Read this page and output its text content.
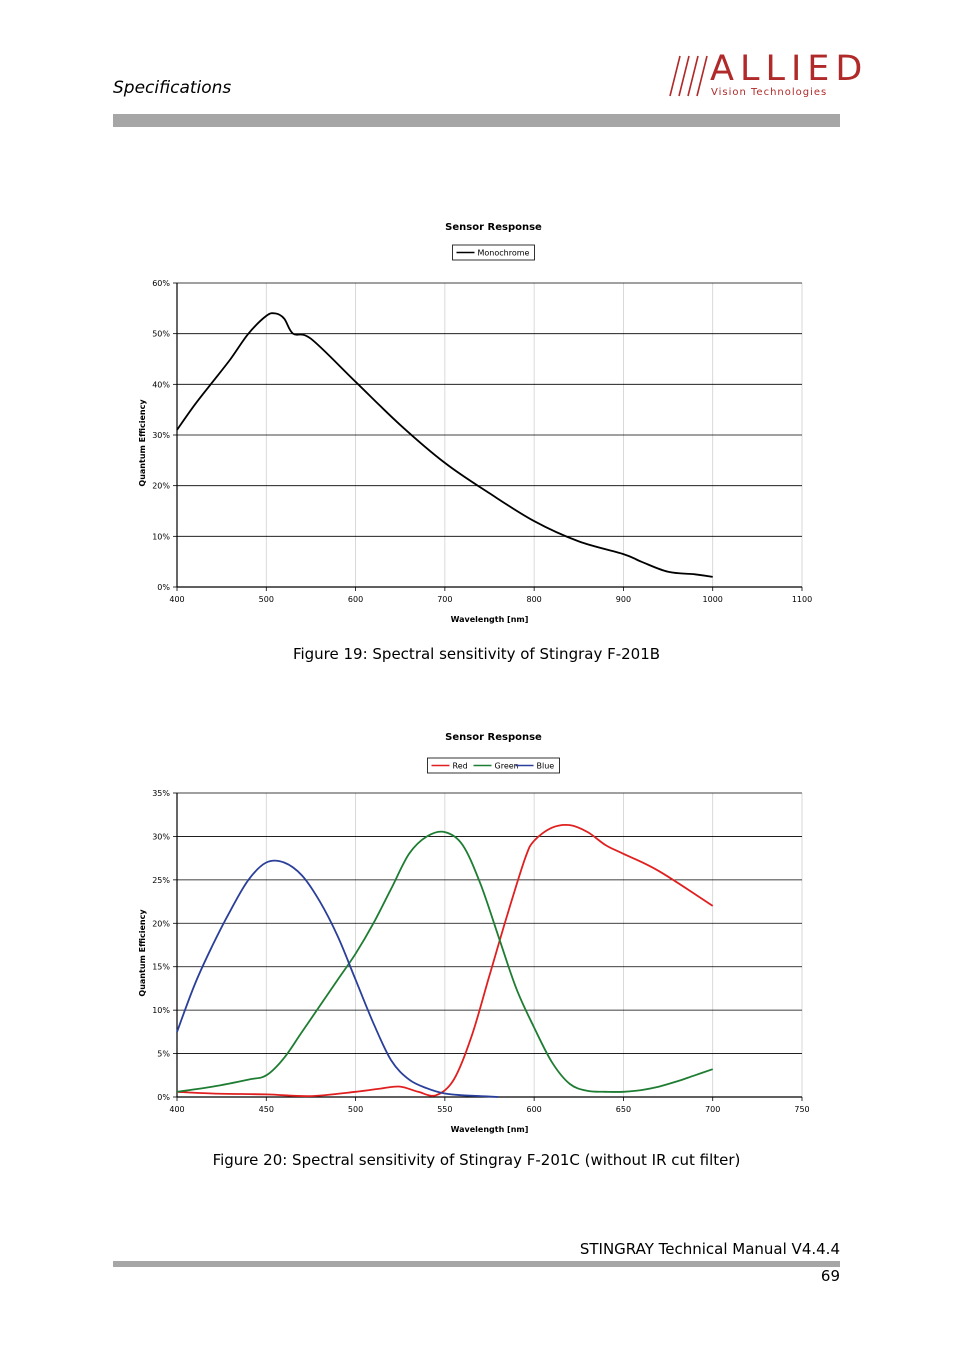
Specifications	ALLIED
Vision Technologies
Sensor Response
Monochrome
400	500	600	700	800	900	1000	1100
0%
10%
20%
30%
40%
50%
60%
Wavelength [nm]
Quantum Efficiency
Figure 19: Spectral sensitivity of Stingray F-201B
Sensor Response
Red	Green Blue
400	450	500	550	600	650	700	750
0%
5%
10%
15%
20%
25%
30%
35%
Wavelength [nm]
Quantum Efficiency
Figure 20: Spectral sensitivity of Stingray F-201C (without IR cut filter)
STINGRAY Technical Manual V4.4.4
69
